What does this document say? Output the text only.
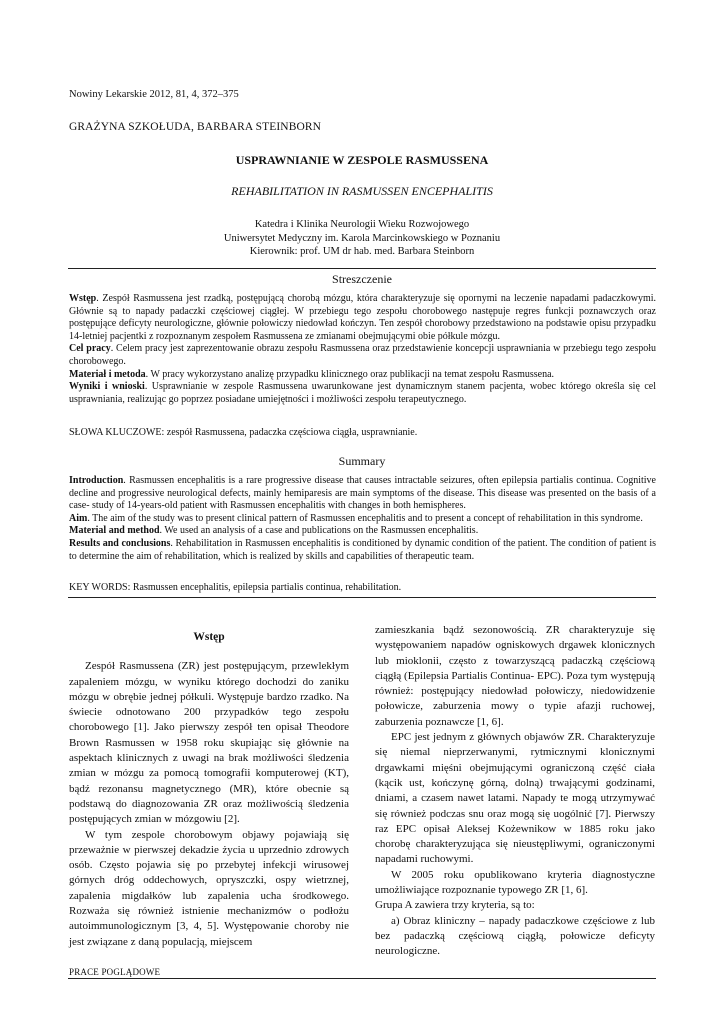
Nowiny Lekarskie 2012, 81, 4, 372–375
GRAŻYNA SZKOŁUDA, BARBARA STEINBORN
USPRAWNIANIE W ZESPOLE RASMUSSENA
REHABILITATION IN RASMUSSEN ENCEPHALITIS
Katedra i Klinika Neurologii Wieku Rozwojowego
Uniwersytet Medyczny im. Karola Marcinkowskiego w Poznaniu
Kierownik: prof. UM dr hab. med. Barbara Steinborn
Streszczenie

Wstęp. Zespół Rasmussena jest rzadką, postępującą chorobą mózgu, która charakteryzuje się opornymi na leczenie napadami padaczkowymi. Głównie są to napady padaczki częściowej ciągłej. W przebiegu tego zespołu chorobowego następuje regres funkcji poznawczych oraz postępujące deficyty neurologiczne, głównie połowiczy niedowład kończyn. Ten zespół chorobowy przedstawiono na podstawie opisu przypadku 14-letniej pacjentki z rozpoznanym zespołem Rasmussena ze zmianami obejmującymi obie półkule mózgu.

Cel pracy. Celem pracy jest zaprezentowanie obrazu zespołu Rasmussena oraz przedstawienie koncepcji usprawniania w przebiegu tego zespołu chorobowego.

Materiał i metoda. W pracy wykorzystano analizę przypadku klinicznego oraz publikacji na temat zespołu Rasmussena.

Wyniki i wnioski. Usprawnianie w zespole Rasmussena uwarunkowane jest dynamicznym stanem pacjenta, wobec którego określa się cel usprawniania, realizując go poprzez posiadane umiejętności i możliwości zespołu terapeutycznego.

SŁOWA KLUCZOWE: zespół Rasmussena, padaczka częściowa ciągła, usprawnianie.
Summary

Introduction. Rasmussen encephalitis is a rare progressive disease that causes intractable seizures, often epilepsia partialis continua. Cognitive decline and progressive neurological defects, mainly hemiparesis are main symptoms of the disease. This disease was presented on the basis of a case- study of 14-years-old patient with Rasmussen encephalitis with changes in both hemispheres.

Aim. The aim of the study was to present clinical pattern of Rasmussen encephalitis and to present a concept of rehabilitation in this syndrome.

Material and method. We used an analysis of a case and publications on the Rasmussen encephalitis.

Results and conclusions. Rehabilitation in Rasmussen encephalitis is conditioned by dynamic condition of the patient. The condition of patient is to determine the aim of rehabilitation, which is realized by skills and capabilities of therapeutic team.

KEY WORDS: Rasmussen encephalitis, epilepsia partialis continua, rehabilitation.
Wstęp

Zespół Rasmussena (ZR) jest postępującym, przewlekłym zapaleniem mózgu, w wyniku którego dochodzi do zaniku mózgu w obrębie jednej półkuli. Występuje bardzo rzadko. Na świecie odnotowano 200 przypadków tego zespołu chorobowego [1]. Jako pierwszy zespół ten opisał Theodore Brown Rasmussen w 1958 roku skupiając się głównie na aspektach klinicznych z uwagi na brak możliwości śledzenia zmian w mózgu za pomocą tomografii komputerowej (KT), bądź rezonansu magnetycznego (MR), które obecnie są podstawą do diagnozowania ZR oraz możliwością śledzenia postępujących zmian w mózgowiu [2].

W tym zespole chorobowym objawy pojawiają się przeważnie w pierwszej dekadzie życia u uprzednio zdrowych osób. Często pojawia się po przebytej infekcji wirusowej górnych dróg oddechowych, opryszczki, ospy wietrznej, zapalenia migdałków lub zapalenia ucha środkowego. Rozważa się również istnienie mechanizmów o podłożu autoimmunologicznym [3, 4, 5]. Występowanie choroby nie jest związane z daną populacją, miejscem

zamieszkania bądź sezonowością. ZR charakteryzuje się występowaniem napadów ogniskowych drgawek klonicznych lub mioklonii, często z towarzyszącą padaczką częściową ciągłą (Epilepsia Partialis Continua- EPC). Poza tym występują również: postępujący niedowład połowiczy, niedowidzenie połowicze, zaburzenia mowy o typie afazji ruchowej, zaburzenia poznawcze [1, 6].

EPC jest jednym z głównych objawów ZR. Charakteryzuje się niemal nieprzerwanymi, rytmicznymi klonicznymi drgawkami mięśni obejmującymi ograniczoną część ciała (kącik ust, kończynę górną, dolną) trwającymi godzinami, dniami, a czasem nawet latami. Napady te mogą utrzymywać się również podczas snu oraz mogą się uogólnić [7]. Pierwszy raz EPC opisał Aleksej Kożewnikow w 1885 roku jako chorobę charakteryzująca się nieustępliwymi, ograniczonymi napadami ruchowymi.

W 2005 roku opublikowano kryteria diagnostyczne umożliwiające rozpoznanie typowego ZR [1, 6].

Grupa A zawiera trzy kryteria, są to:

a) Obraz kliniczny – napady padaczkowe częściowe z lub bez padaczką częściową ciągłą, połowicze deficyty neurologiczne.

PRACE POGLĄDOWE
